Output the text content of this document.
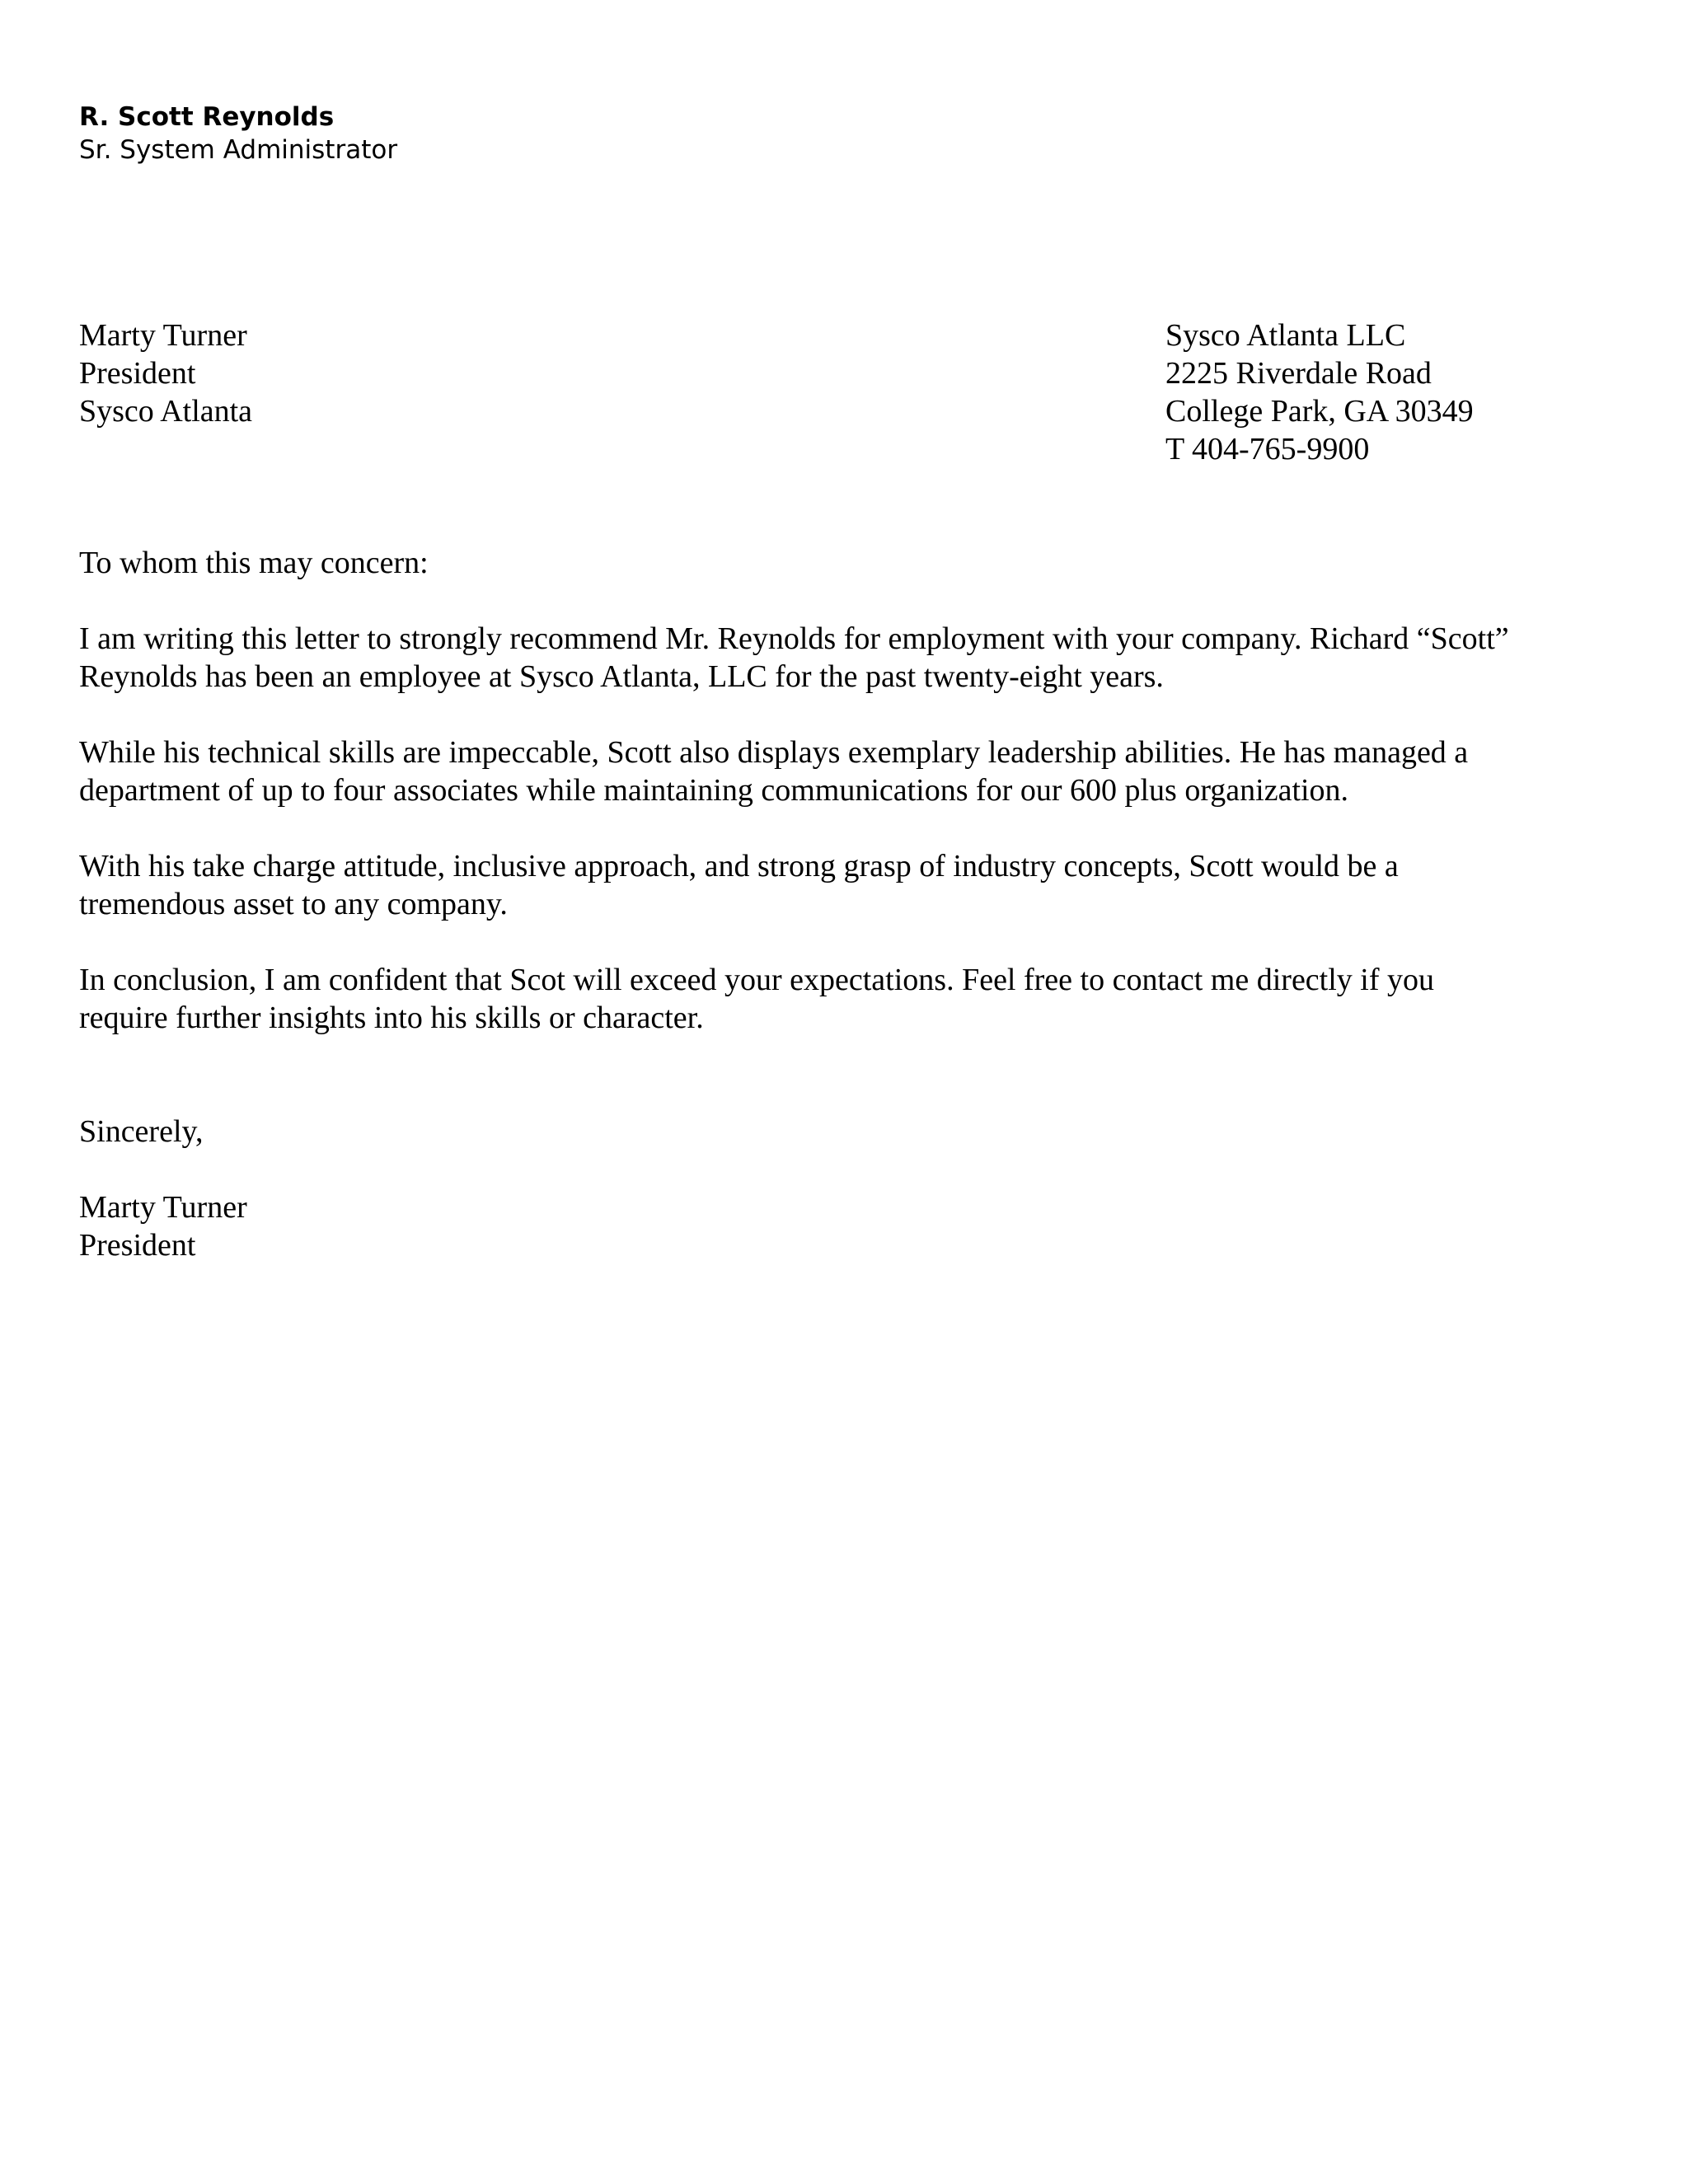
R. Scott Reynolds
Sr. System Administrator
Marty Turner
President
Sysco Atlanta
Sysco Atlanta LLC
2225 Riverdale Road
College Park, GA 30349
T 404-765-9900
To whom this may concern:
I am writing this letter to strongly recommend Mr. Reynolds for employment with your company. Richard “Scott”
Reynolds has been an employee at Sysco Atlanta, LLC for the past twenty-eight years.
While his technical skills are impeccable, Scott also displays exemplary leadership abilities. He has managed a
department of up to four associates while maintaining communications for our 600 plus organization.
With his take charge attitude, inclusive approach, and strong grasp of industry concepts, Scott would be a
tremendous asset to any company.
In conclusion, I am confident that Scot will exceed your expectations. Feel free to contact me directly if you
require further insights into his skills or character.
Sincerely,
Marty Turner
President
